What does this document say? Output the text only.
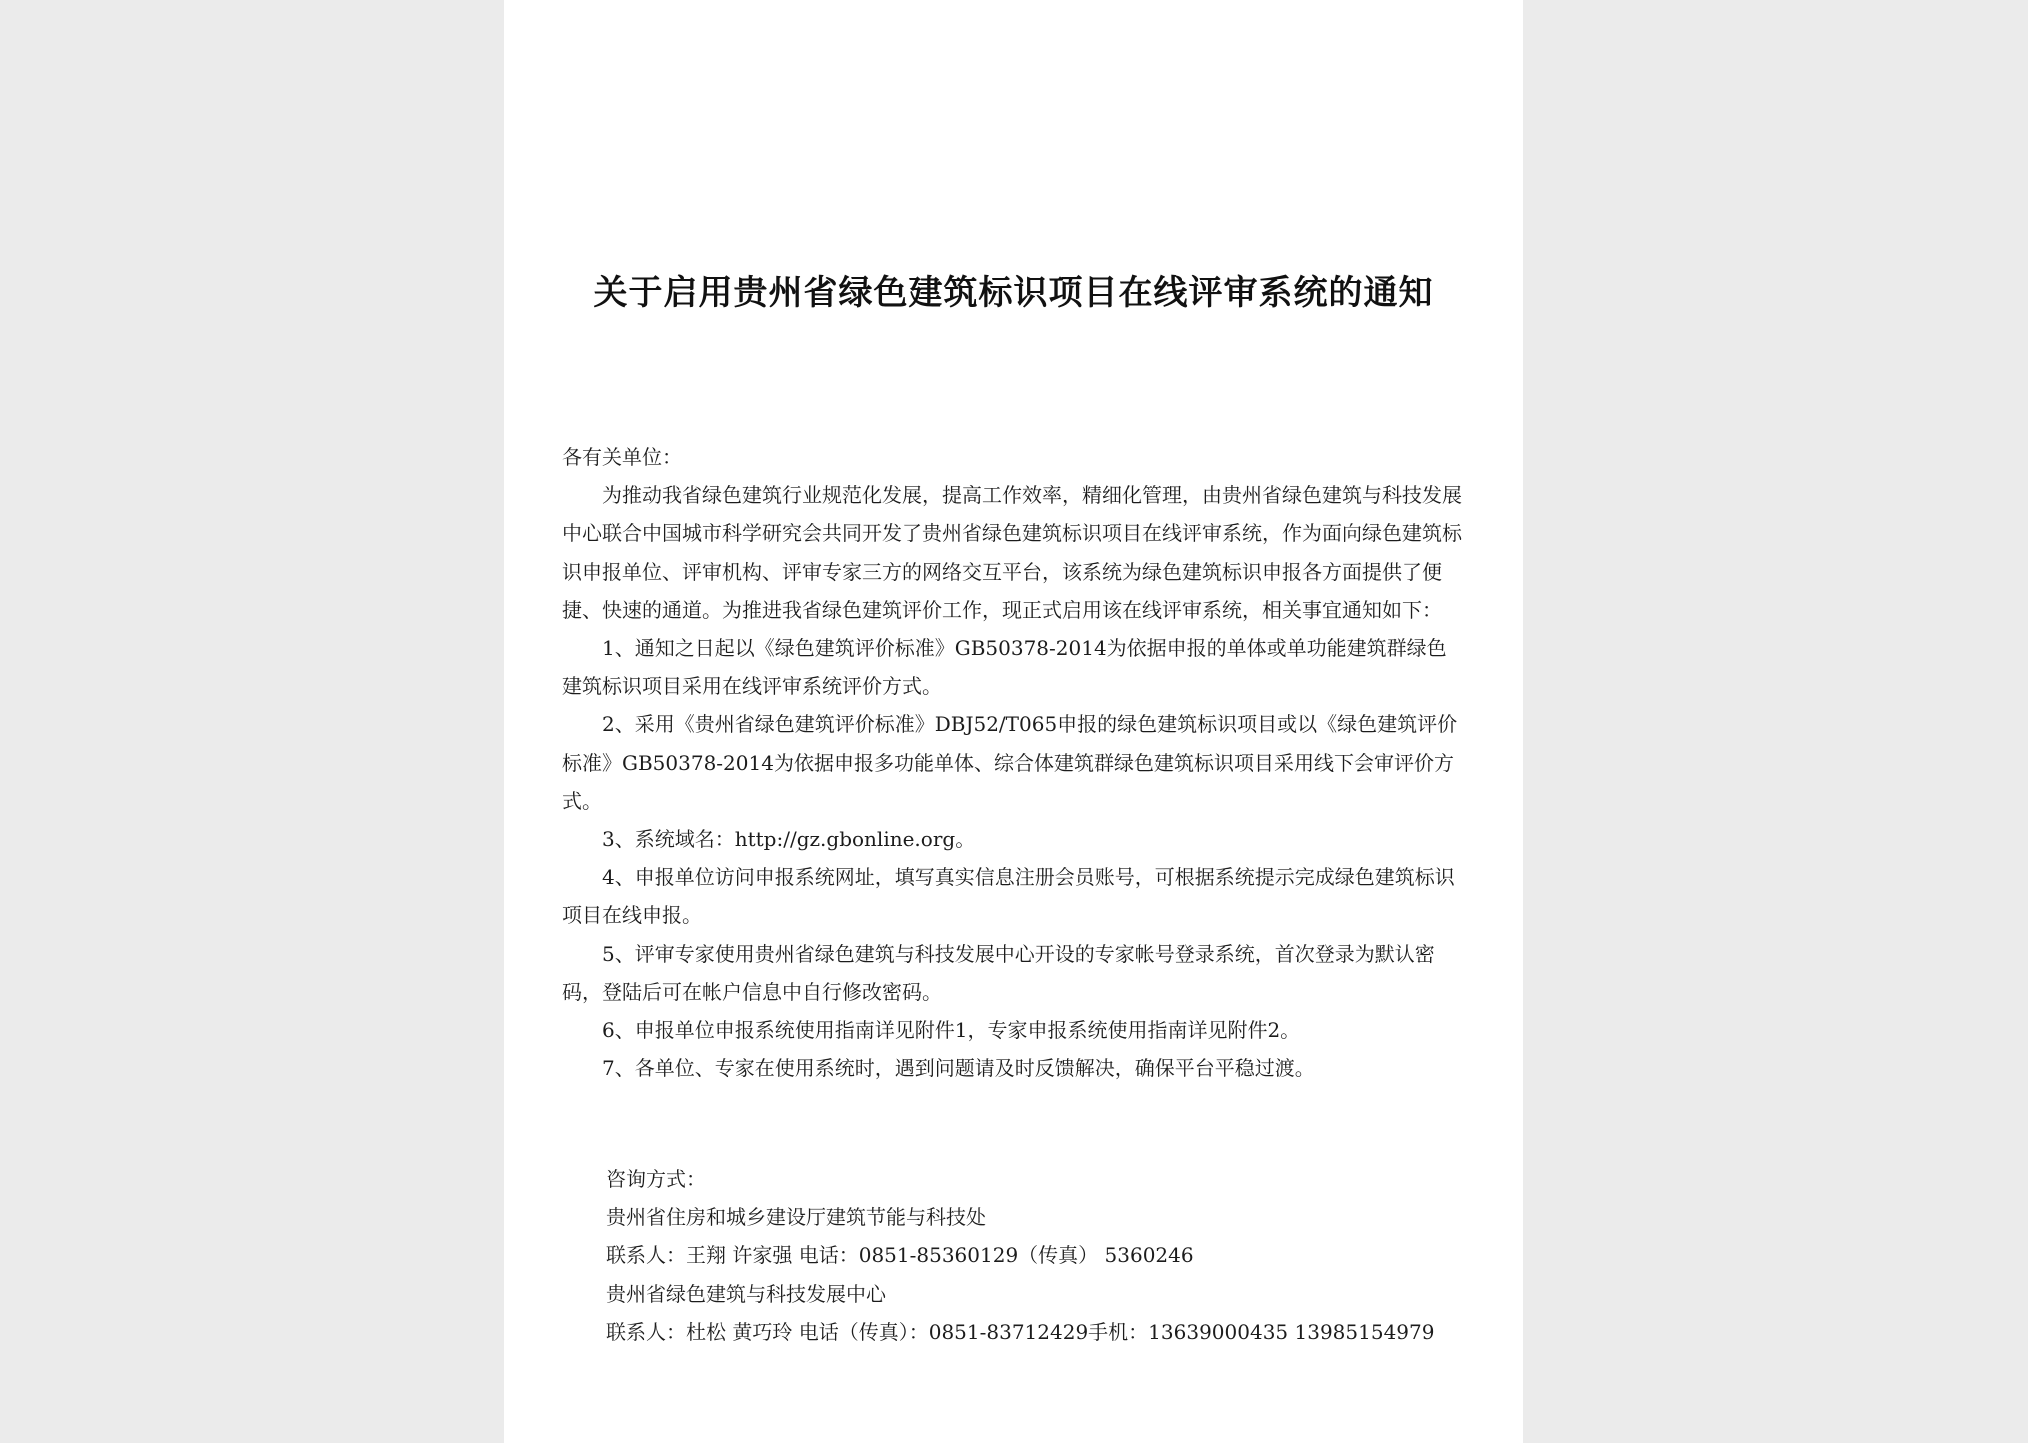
关于启用贵州省绿色建筑标识项目在线评审系统的通知

各有关单位：

为推动我省绿色建筑行业规范化发展，提高工作效率，精细化管理，由贵州省绿色建筑与科技发展中心联合中国城市科学研究会共同开发了贵州省绿色建筑标识项目在线评审系统，作为面向绿色建筑标识申报单位、评审机构、评审专家三方的网络交互平台，该系统为绿色建筑标识申报各方面提供了便捷、快速的通道。为推进我省绿色建筑评价工作，现正式启用该在线评审系统，相关事宜通知如下：

1、通知之日起以《绿色建筑评价标准》GB50378-2014为依据申报的单体或单功能建筑群绿色建筑标识项目采用在线评审系统评价方式。

2、采用《贵州省绿色建筑评价标准》DBJ52/T065申报的绿色建筑标识项目或以《绿色建筑评价标准》GB50378-2014为依据申报多功能单体、综合体建筑群绿色建筑标识项目采用线下会审评价方式。

3、系统域名：http://gz.gbonline.org。

4、申报单位访问申报系统网址，填写真实信息注册会员账号，可根据系统提示完成绿色建筑标识项目在线申报。

5、评审专家使用贵州省绿色建筑与科技发展中心开设的专家帐号登录系统，首次登录为默认密码，登陆后可在帐户信息中自行修改密码。

6、申报单位申报系统使用指南详见附件1，专家申报系统使用指南详见附件2。

7、各单位、专家在使用系统时，遇到问题请及时反馈解决，确保平台平稳过渡。

咨询方式：

贵州省住房和城乡建设厅建筑节能与科技处

联系人：王翔 许家强 电话：0851-85360129（传真） 5360246

贵州省绿色建筑与科技发展中心

联系人：杜松 黄巧玲 电话（传真）：0851-83712429手机：13639000435 13985154979
